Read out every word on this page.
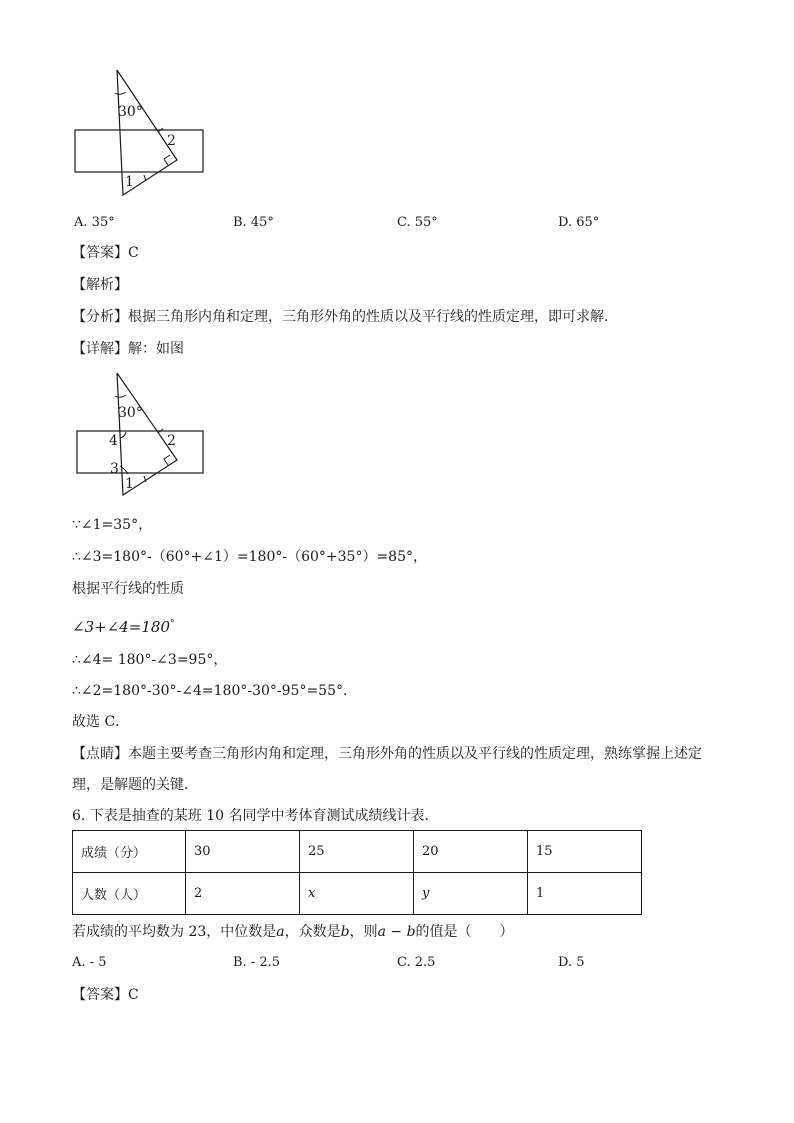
30°
1
2
A. 35°	B. 45°	C. 55°	D. 65°
【答案】C
【解析】
【分析】根据三角形内角和定理，三角形外角的性质以及平行线的性质定理，即可求解．
【详解】解：如图
30°
1
2
3
4
∵∠1=35°，
∴∠3=180°-（60°+∠1）=180°-（60°+35°）=85°，
根据平行线的性质
∠3+∠4=180°
∴∠4= 180°-∠3=95°，
∴∠2=180°-30°-∠4=180°-30°-95°=55°．
故选 C．
【点睛】本题主要考查三角形内角和定理，三角形外角的性质以及平行线的性质定理，熟练掌握上述定
理，是解题的关键．
6. 下表是抽查的某班 10 名同学中考体育测试成绩线计表．
成绩（分）	30	25	20	15
人数（人）	2	x	y	1
若成绩的平均数为 23，中位数是a，众数是b，则a − b的值是（　　）
A. - 5	B. - 2.5	C. 2.5	D. 5
【答案】C
